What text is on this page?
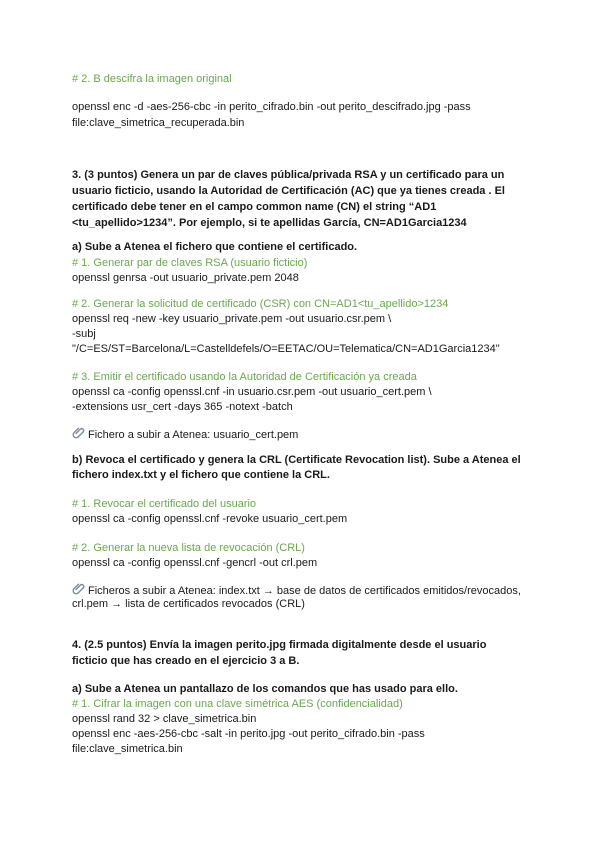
# 2. B descifra la imagen original
openssl enc -d -aes-256-cbc -in perito_cifrado.bin -out perito_descifrado.jpg -pass
file:clave_simetrica_recuperada.bin
3. (3 puntos) Genera un par de claves pública/privada RSA y un certificado para un
usuario ficticio, usando la Autoridad de Certificación (AC) que ya tienes creada . El
certificado debe tener en el campo common name (CN) el string “AD1
<tu_apellido>1234”. Por ejemplo, si te apellidas García, CN=AD1Garcia1234
a) Sube a Atenea el fichero que contiene el certificado.
# 1. Generar par de claves RSA (usuario ficticio)
openssl genrsa -out usuario_private.pem 2048
# 2. Generar la solicitud de certificado (CSR) con CN=AD1<tu_apellido>1234
openssl req -new -key usuario_private.pem -out usuario.csr.pem \
-subj
"/C=ES/ST=Barcelona/L=Castelldefels/O=EETAC/OU=Telematica/CN=AD1Garcia1234"
# 3. Emitir el certificado usando la Autoridad de Certificación ya creada
openssl ca -config openssl.cnf -in usuario.csr.pem -out usuario_cert.pem \
-extensions usr_cert -days 365 -notext -batch
Fichero a subir a Atenea: usuario_cert.pem
b) Revoca el certificado y genera la CRL (Certificate Revocation list). Sube a Atenea el
fichero index.txt y el fichero que contiene la CRL.
# 1. Revocar el certificado del usuario
openssl ca -config openssl.cnf -revoke usuario_cert.pem
# 2. Generar la nueva lista de revocación (CRL)
openssl ca -config openssl.cnf -gencrl -out crl.pem
Ficheros a subir a Atenea: index.txt → base de datos de certificados emitidos/revocados,
crl.pem → lista de certificados revocados (CRL)
4. (2.5 puntos) Envía la imagen perito.jpg firmada digitalmente desde el usuario
ficticio que has creado en el ejercicio 3 a B.
a) Sube a Atenea un pantallazo de los comandos que has usado para ello.
# 1. Cifrar la imagen con una clave simétrica AES (confidencialidad)
openssl rand 32 > clave_simetrica.bin
openssl enc -aes-256-cbc -salt -in perito.jpg -out perito_cifrado.bin -pass
file:clave_simetrica.bin
